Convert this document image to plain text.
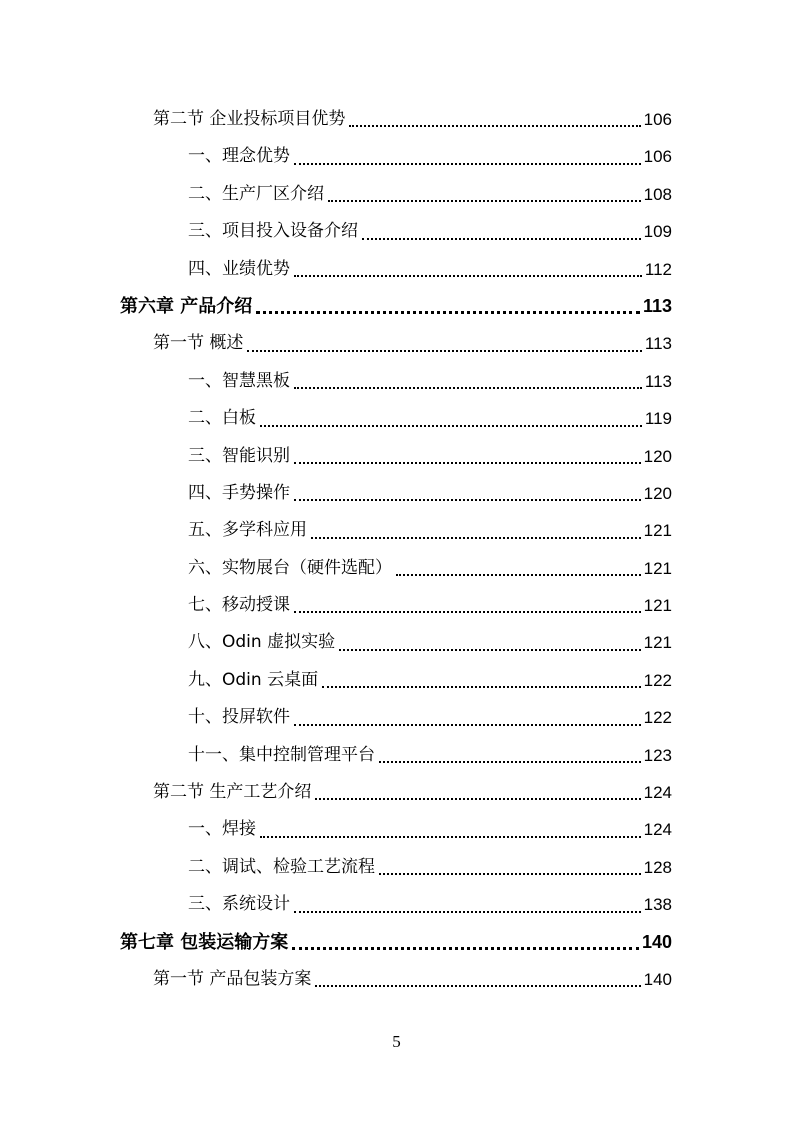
第二节 企业投标项目优势	106
一、理念优势	106
二、生产厂区介绍	108
三、项目投入设备介绍	109
四、业绩优势	112
第六章 产品介绍	113
第一节 概述	113
一、智慧黑板	113
二、白板	119
三、智能识别	120
四、手势操作	120
五、多学科应用	121
六、实物展台（硬件选配）	121
七、移动授课	121
八、Odin 虚拟实验	121
九、Odin 云桌面	122
十、投屏软件	122
十一、集中控制管理平台	123
第二节 生产工艺介绍	124
一、焊接	124
二、调试、检验工艺流程	128
三、系统设计	138
第七章 包装运输方案	140
第一节 产品包装方案	140
5
